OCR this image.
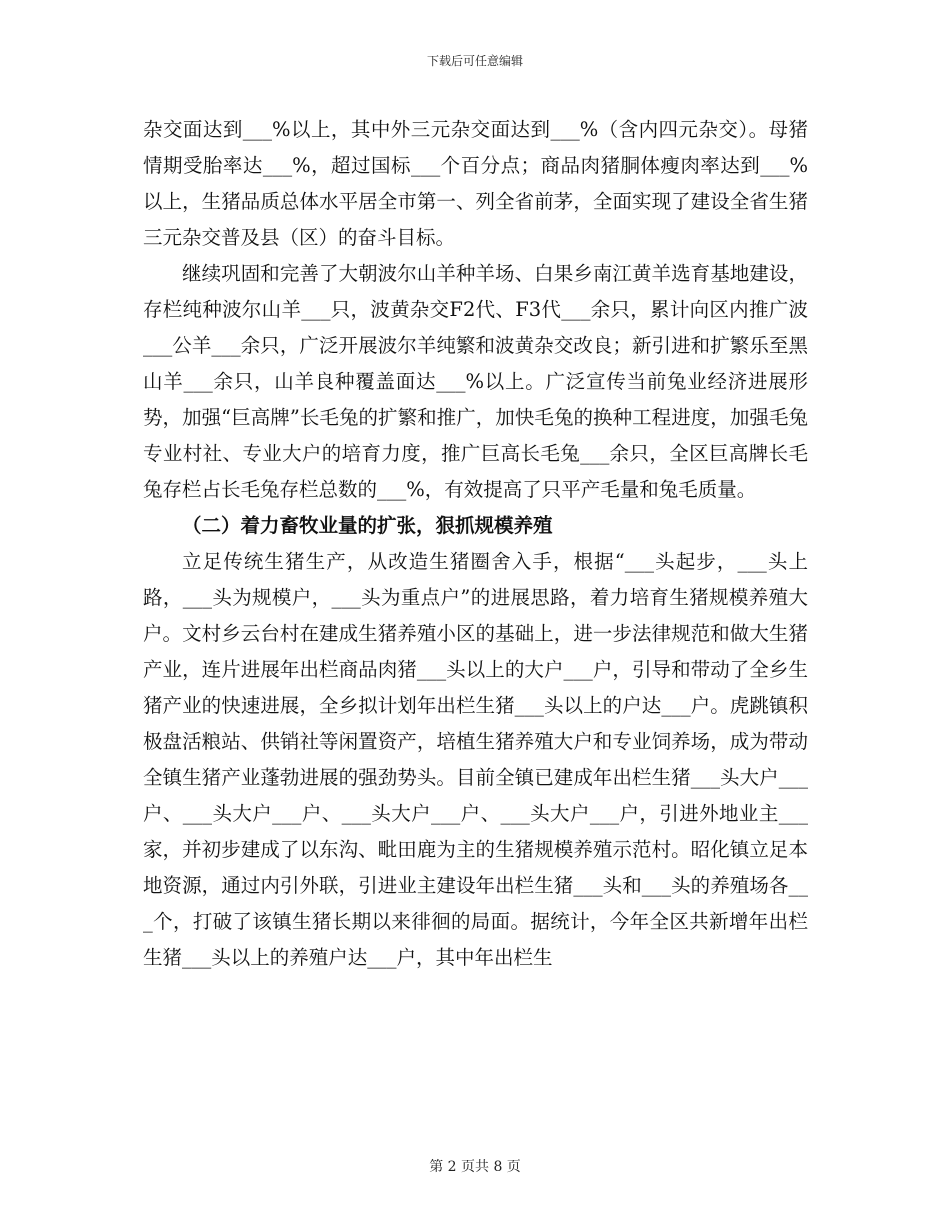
下载后可任意编辑

杂交面达到___%以上，其中外三元杂交面达到___%（含内四元杂交）。母猪情期受胎率达___%，超过国标___个百分点；商品肉猪胴体瘦肉率达到___%以上，生猪品质总体水平居全市第一、列全省前茅，全面实现了建设全省生猪三元杂交普及县（区）的奋斗目标。

继续巩固和完善了大朝波尔山羊种羊场、白果乡南江黄羊选育基地建设，存栏纯种波尔山羊___只，波黄杂交F2代、F3代___余只，累计向区内推广波___公羊___余只，广泛开展波尔羊纯繁和波黄杂交改良；新引进和扩繁乐至黑山羊___余只，山羊良种覆盖面达___%以上。广泛宣传当前兔业经济进展形势，加强“巨高牌”长毛兔的扩繁和推广，加快毛兔的换种工程进度，加强毛兔专业村社、专业大户的培育力度，推广巨高长毛兔___余只，全区巨高牌长毛兔存栏占长毛兔存栏总数的___%，有效提高了只平产毛量和兔毛质量。

（二）着力畜牧业量的扩张，狠抓规模养殖

立足传统生猪生产，从改造生猪圈舍入手，根据“___头起步，___头上路，___头为规模户，___头为重点户”的进展思路，着力培育生猪规模养殖大户。文村乡云台村在建成生猪养殖小区的基础上，进一步法律规范和做大生猪产业，连片进展年出栏商品肉猪___头以上的大户___户，引导和带动了全乡生猪产业的快速进展，全乡拟计划年出栏生猪___头以上的户达___户。虎跳镇积极盘活粮站、供销社等闲置资产，培植生猪养殖大户和专业饲养场，成为带动全镇生猪产业蓬勃进展的强劲势头。目前全镇已建成年出栏生猪___头大户___户、___头大户___户、___头大户___户、___头大户___户，引进外地业主___家，并初步建成了以东沟、毗田鹿为主的生猪规模养殖示范村。昭化镇立足本地资源，通过内引外联，引进业主建设年出栏生猪___头和___头的养殖场各___个，打破了该镇生猪长期以来徘徊的局面。据统计，今年全区共新增年出栏生猪___头以上的养殖户达___户，其中年出栏生

第 2 页共 8 页
